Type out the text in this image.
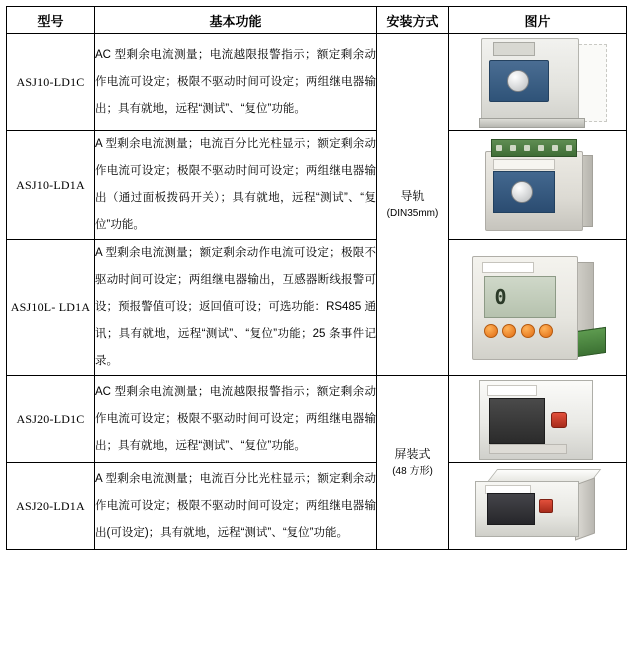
型号	基本功能	安装方式	图片
ASJ10-LD1C	AC 型剩余电流测量；电流越限报警指示；额定剩余动作电流可设定；极限不驱动时间可设定；两组继电器输出；具有就地，远程“测试”、“复位”功能。	导轨
(DIN35mm)	

ASJ10-LD1A	A 型剩余电流测量；电流百分比光柱显示；额定剩余动作电流可设定；极限不驱动时间可设定；两组继电器输出（通过面板拨码开关）；具有就地，远程“测试”、“复位”功能。		

ASJ10L- LD1A	A 型剩余电流测量；额定剩余动作电流可设定；极限不驱动时间可设定；两组继电器输出，互感器断线报警可设；预报警值可设；返回值可设；可选功能：RS485 通讯；具有就地，远程“测试”、“复位”功能；25 条事件记录。		0

ASJ20-LD1C	AC 型剩余电流测量；电流越限报警指示；额定剩余动作电流可设定；极限不驱动时间可设定；两组继电器输出；具有就地，远程“测试”、“复位”功能。	屏装式
(48 方形)	

ASJ20-LD1A	A 型剩余电流测量；电流百分比光柱显示；额定剩余动作电流可设定；极限不驱动时间可设定；两组继电器输出(可设定)；具有就地，远程“测试”、“复位”功能。		
